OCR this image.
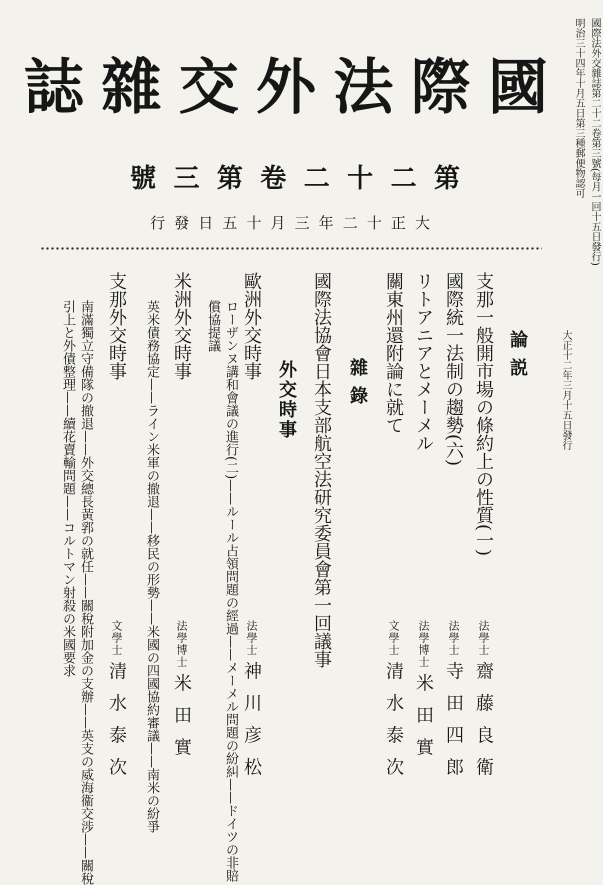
國際法外交雜誌第二十二卷第三號(每月一回十五日發行)
明治三十四年十月五日第三種郵便物認可
大正十二年三月十五日發行
國
際
法
外
交
雜
誌
第
二
十
二
卷
第
三
號
大
正
十
二
年
三
月
十
五
日
發
行
論説
支那一般開市場の條約上の性質(一)
法學士 齋藤良衛
國際統一法制の趨勢(六)
法學士 寺田四郎
リトアニアとメーメル
法學博士 米田實
關東州還附論に就て
文學士 清水泰次
雜錄
國際法協會日本支部航空法研究委員會第一回議事
外交時事
歐洲外交時事
法學士 神川彦松
ローザンヌ講和會議の進行(二)——ルール占領問題の經過——メーメル問題の紛糾——ドイツの非賠
償協提議
米洲外交時事
法學博士 米田實
英米債務協定——ライン米軍の撤退——移民の形勢——米國の四國協約審議——南米の紛爭
支那外交時事
文學士 清水泰次
南滿獨立守備隊の撤退——外交總長黃郛の就任——關稅附加金の支辦——英支の威海衞交涉——關稅
引上と外債整理——續花賣輸問題——コルトマン射殺の米國要求
